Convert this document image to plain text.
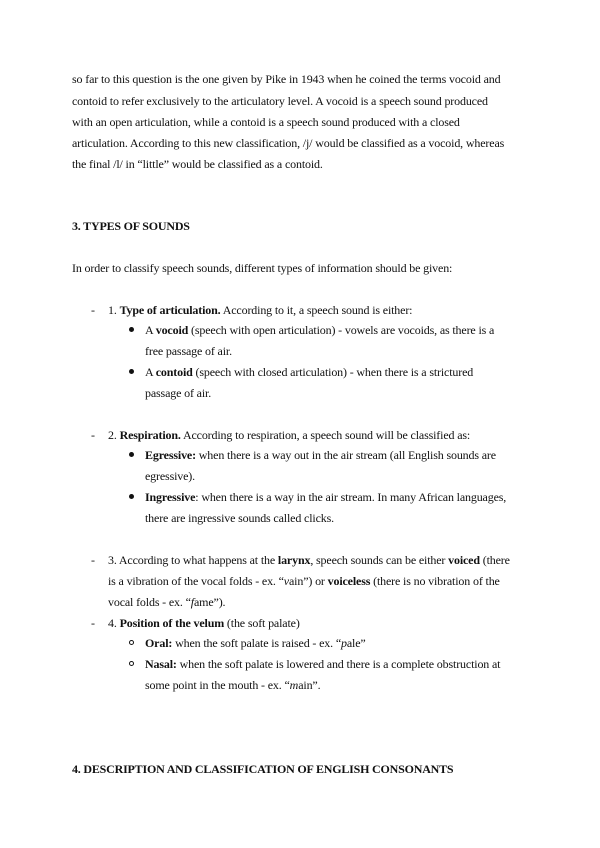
so far to this question is the one given by Pike in 1943 when he coined the terms vocoid and
contoid to refer exclusively to the articulatory level. A vocoid is a speech sound produced
with an open articulation, while a contoid is a speech sound produced with a closed
articulation. According to this new classification, /j/ would be classified as a vocoid, whereas
the final /l/ in “little” would be classified as a contoid.
3. TYPES OF SOUNDS
In order to classify speech sounds, different types of information should be given:
- 1. Type of articulation. According to it, a speech sound is either:
A vocoid (speech with open articulation) - vowels are vocoids, as there is a
free passage of air.
A contoid (speech with closed articulation) - when there is a strictured
passage of air.
- 2. Respiration. According to respiration, a speech sound will be classified as:
Egressive: when there is a way out in the air stream (all English sounds are
egressive).
Ingressive: when there is a way in the air stream. In many African languages,
there are ingressive sounds called clicks.
- 3. According to what happens at the larynx, speech sounds can be either voiced (there
is a vibration of the vocal folds - ex. “vain”) or voiceless (there is no vibration of the
vocal folds - ex. “fame”).
- 4. Position of the velum (the soft palate)
Oral: when the soft palate is raised - ex. “pale”
Nasal: when the soft palate is lowered and there is a complete obstruction at
some point in the mouth - ex. “main”.
4. DESCRIPTION AND CLASSIFICATION OF ENGLISH CONSONANTS
